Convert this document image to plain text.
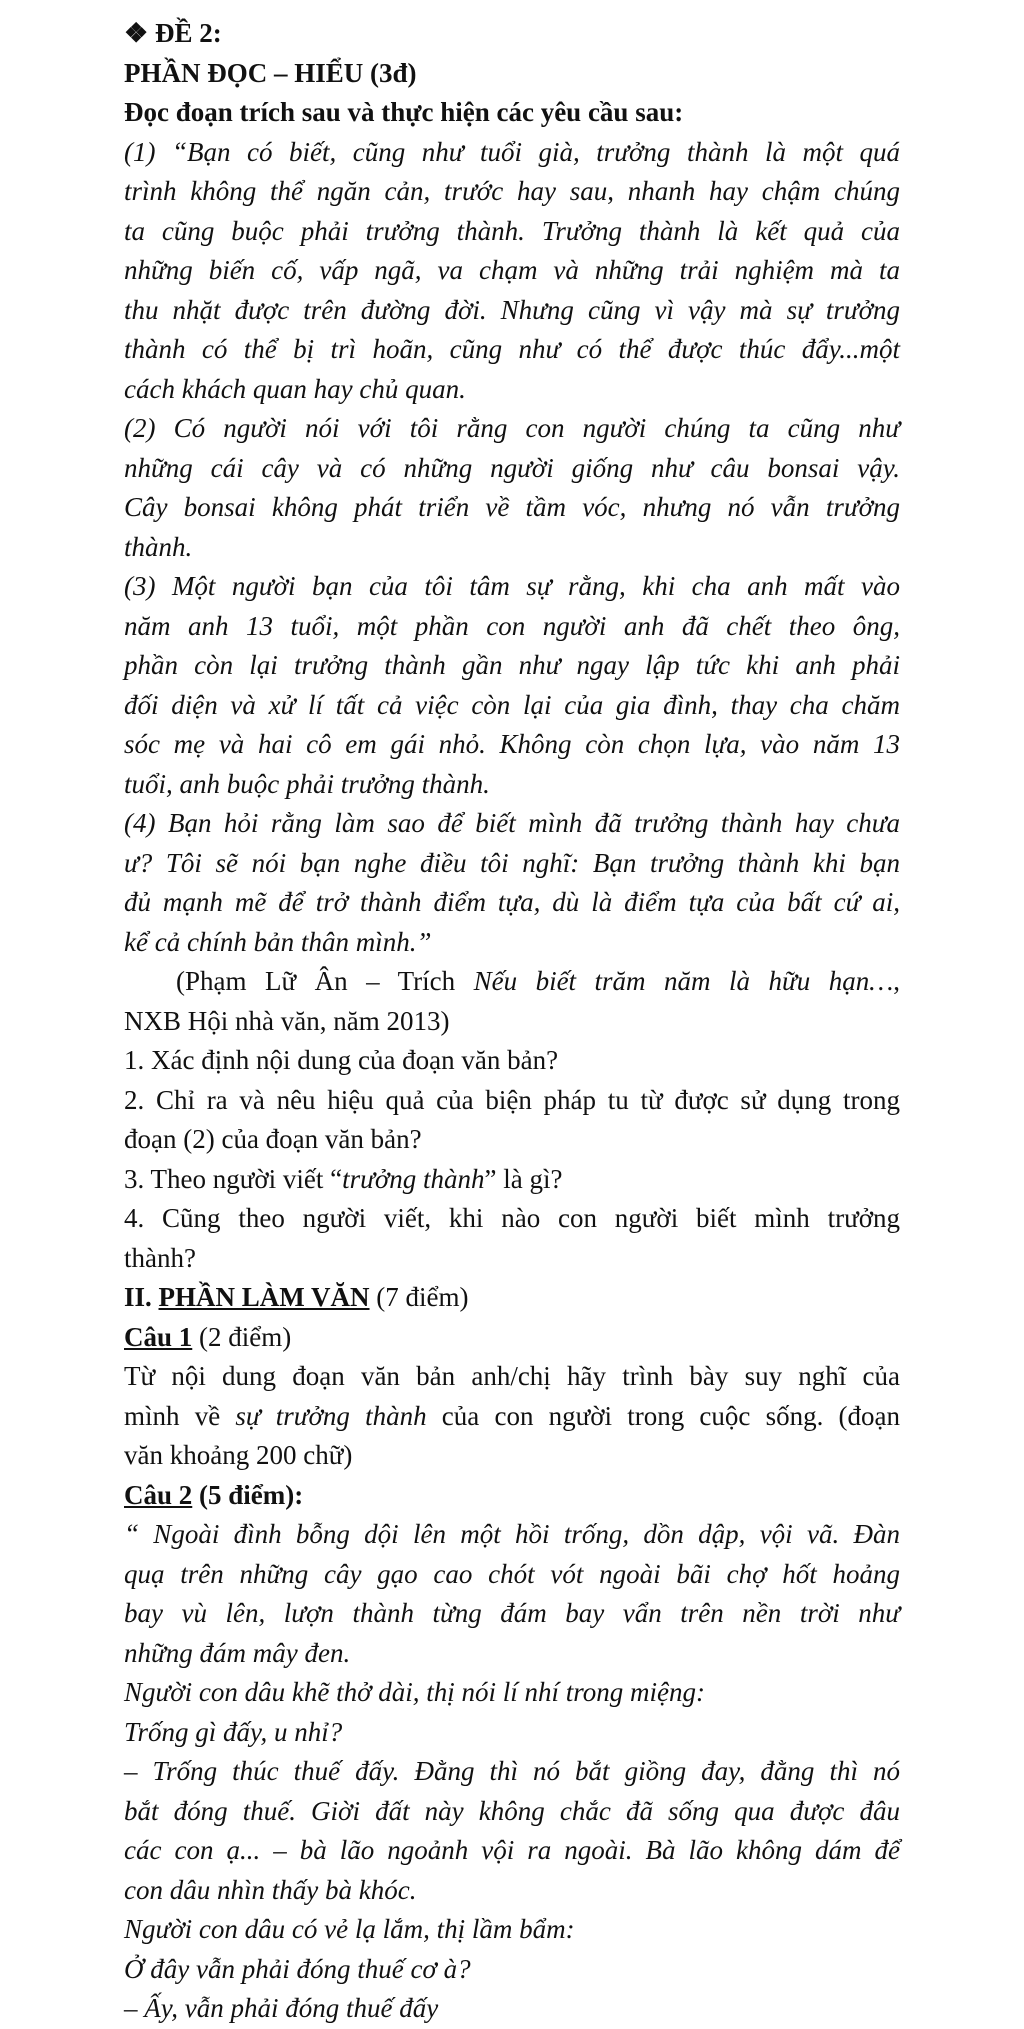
❖ ĐỀ 2:
PHẦN ĐỌC – HIỂU (3đ)
Đọc đoạn trích sau và thực hiện các yêu cầu sau:
(1) “Bạn có biết, cũng như tuổi già, trưởng thành là một quá
trình không thể ngăn cản, trước hay sau, nhanh hay chậm chúng
ta cũng buộc phải trưởng thành. Trưởng thành là kết quả của
những biến cố, vấp ngã, va chạm và những trải nghiệm mà ta
thu nhặt được trên đường đời. Nhưng cũng vì vậy mà sự trưởng
thành có thể bị trì hoãn, cũng như có thể được thúc đẩy...một
cách khách quan hay chủ quan.
(2) Có người nói với tôi rằng con người chúng ta cũng như
những cái cây và có những người giống như câu bonsai vậy.
Cây bonsai không phát triển về tầm vóc, nhưng nó vẫn trưởng
thành.
(3) Một người bạn của tôi tâm sự rằng, khi cha anh mất vào
năm anh 13 tuổi, một phần con người anh đã chết theo ông,
phần còn lại trưởng thành gần như ngay lập tức khi anh phải
đối diện và xử lí tất cả việc còn lại của gia đình, thay cha chăm
sóc mẹ và hai cô em gái nhỏ. Không còn chọn lựa, vào năm 13
tuổi, anh buộc phải trưởng thành.
(4) Bạn hỏi rằng làm sao để biết mình đã trưởng thành hay chưa
ư? Tôi sẽ nói bạn nghe điều tôi nghĩ: Bạn trưởng thành khi bạn
đủ mạnh mẽ để trở thành điểm tựa, dù là điểm tựa của bất cứ ai,
kể cả chính bản thân mình.”
(Phạm Lữ Ân – Trích Nếu biết trăm năm là hữu hạn…,
NXB Hội nhà văn, năm 2013)
1. Xác định nội dung của đoạn văn bản?
2. Chỉ ra và nêu hiệu quả của biện pháp tu từ được sử dụng trong
đoạn (2) của đoạn văn bản?
3. Theo người viết “trưởng thành” là gì?
4. Cũng theo người viết, khi nào con người biết mình trưởng
thành?
II. PHẦN LÀM VĂN (7 điểm)
Câu 1 (2 điểm)
Từ nội dung đoạn văn bản anh/chị hãy trình bày suy nghĩ của
mình về sự trưởng thành của con người trong cuộc sống. (đoạn
văn khoảng 200 chữ)
Câu 2 (5 điểm):
“ Ngoài đình bỗng dội lên một hồi trống, dồn dập, vội vã. Đàn
quạ trên những cây gạo cao chót vót ngoài bãi chợ hốt hoảng
bay vù lên, lượn thành từng đám bay vẩn trên nền trời như
những đám mây đen.
Người con dâu khẽ thở dài, thị nói lí nhí trong miệng:
Trống gì đấy, u nhỉ?
– Trống thúc thuế đấy. Đằng thì nó bắt giồng đay, đằng thì nó
bắt đóng thuế. Giời đất này không chắc đã sống qua được đâu
các con ạ... – bà lão ngoảnh vội ra ngoài. Bà lão không dám để
con dâu nhìn thấy bà khóc.
Người con dâu có vẻ lạ lắm, thị lầm bẩm:
Ở đây vẫn phải đóng thuế cơ à?
– Ấy, vẫn phải đóng thuế đấy
